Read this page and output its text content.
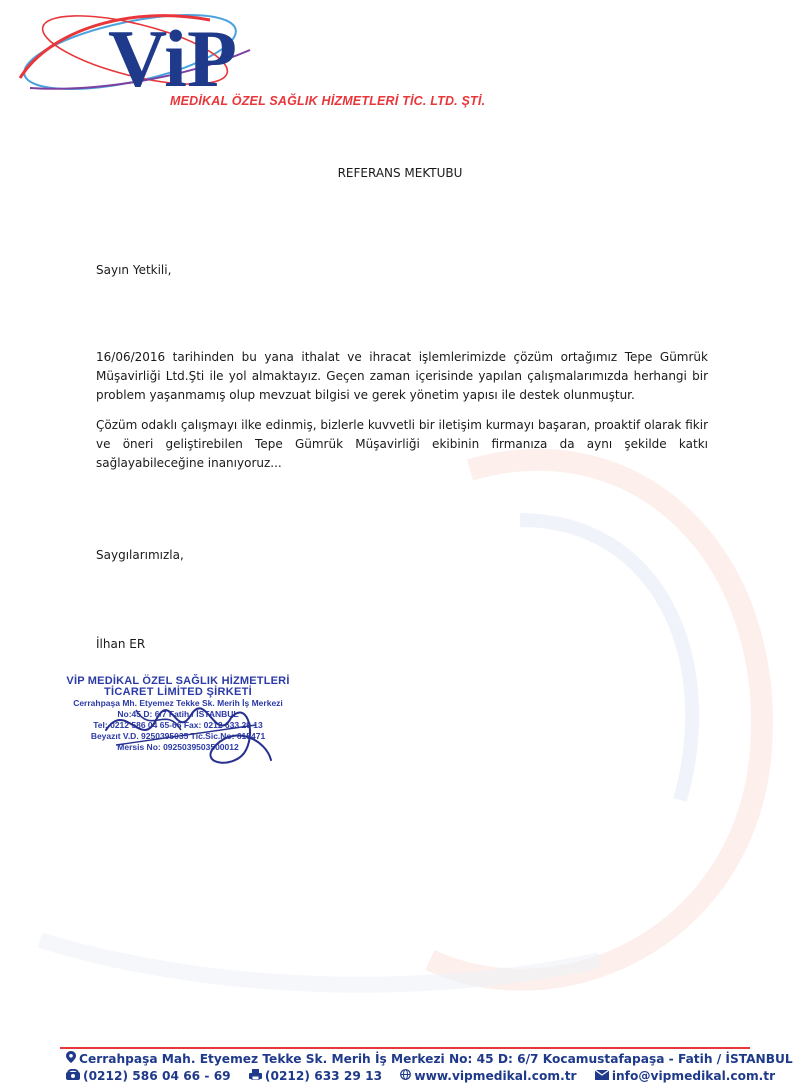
ViP
MEDİKAL ÖZEL SAĞLIK HİZMETLERİ TİC. LTD. ŞTİ.
REFERANS MEKTUBU
Sayın Yetkili,
16/06/2016 tarihinden bu yana ithalat ve ihracat işlemlerimizde çözüm ortağımız Tepe Gümrük Müşavirliği Ltd.Şti ile yol almaktayız. Geçen zaman içerisinde yapılan çalışmalarımızda herhangi bir problem yaşanmamış olup mevzuat bilgisi ve gerek yönetim yapısı ile destek olunmuştur.
Çözüm odaklı çalışmayı ilke edinmiş, bizlerle kuvvetli bir iletişim kurmayı başaran, proaktif olarak fikir ve öneri geliştirebilen Tepe Gümrük Müşavirliği ekibinin firmanıza da aynı şekilde katkı sağlayabileceğine inanıyoruz...
Saygılarımızla,
İlhan ER
VİP MEDİKAL ÖZEL SAĞLIK HİZMETLERİ
TİCARET LİMİTED ŞİRKETİ
Cerrahpaşa Mh. Etyemez Tekke Sk. Merih İş Merkezi
No:45 D: 6/7 Fatih / İSTANBUL
Tel: 0212 586 04 65-66 Fax: 0212 633 29 13
Beyazıt V.D. 9250395035 Tic.Sic.No: 615471
Mersis No: 0925039503500012
Cerrahpaşa Mah. Etyemez Tekke Sk. Merih İş Merkezi No: 45 D: 6/7 Kocamustafapaşa - Fatih / İSTANBUL
(0212) 586 04 66 - 69	(0212) 633 29 13	www.vipmedikal.com.tr	info@vipmedikal.com.tr
